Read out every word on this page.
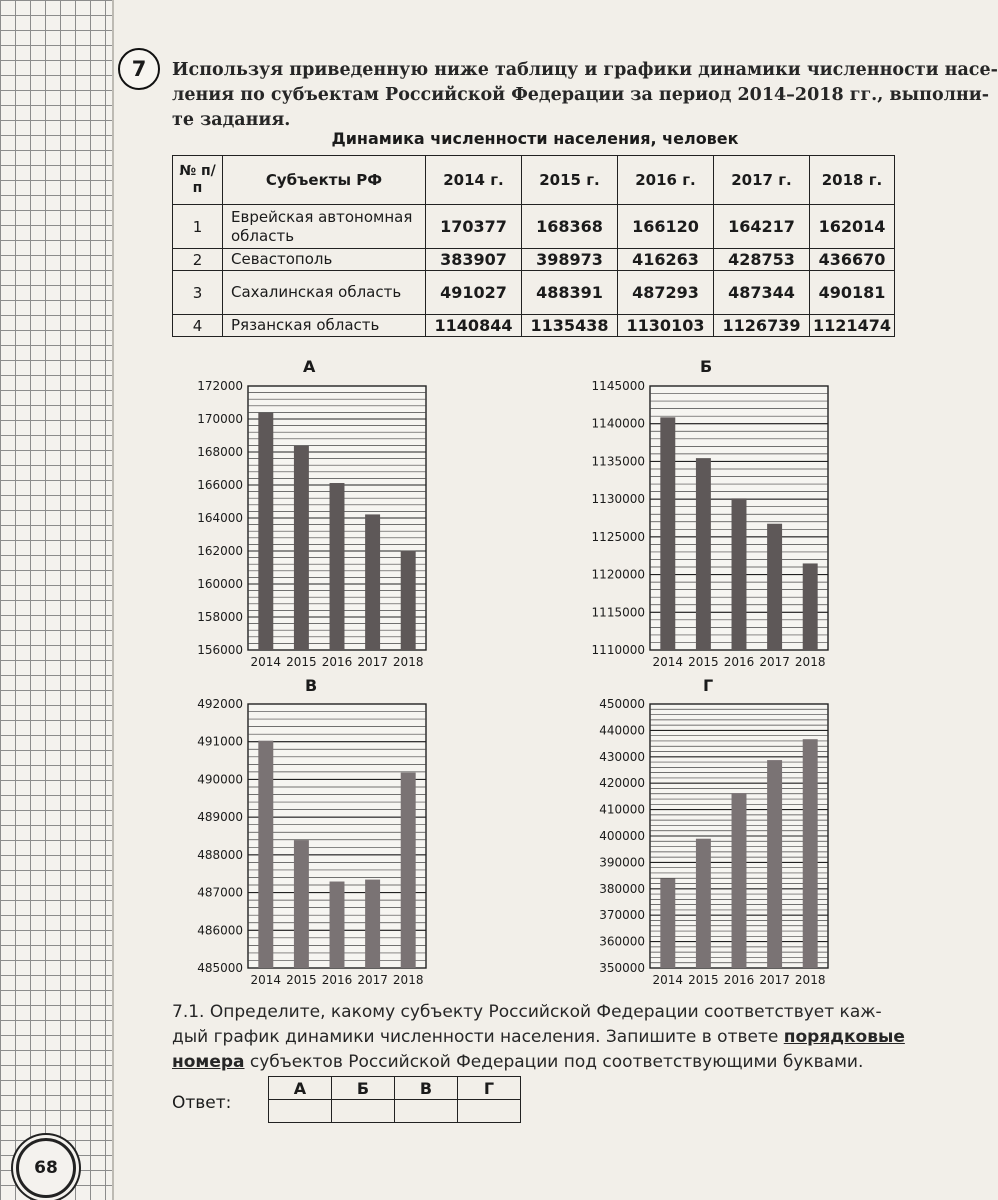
7	Используя приведенную ниже таблицу и графики динамики численности насе-
ления по субъектам Российской Федерации за период 2014–2018 гг., выполни-
те задания.
Динамика численности населения, человек
№ п/п	Субъекты РФ	2014 г.	2015 г.	2016 г.	2017 г.	2018 г.
1	Еврейская автономная область	170377	168368	166120	164217	162014
2	Севастополь	383907	398973	416263	428753	436670
3	Сахалинская область	491027	488391	487293	487344	490181
4	Рязанская область	1140844	1135438	1130103	1126739	1121474
А	Б
В	Г
156000
158000
160000
162000
164000
166000
168000
170000
172000
2014 2015 2016 2017 2018
1110000
1115000
1120000
1125000
1130000
1135000
1140000
1145000
2014 2015 2016 2017 2018
485000
486000
487000
488000
489000
490000
491000
492000
2014 2015 2016 2017 2018
350000
360000
370000
380000
390000
400000
410000
420000
430000
440000
450000
2014 2015 2016 2017 2018
7.1. Определите, какому субъекту Российской Федерации соответствует каж-
дый график динамики численности населения. Запишите в ответе порядковые
номера субъектов Российской Федерации под соответствующими буквами.
Ответ:
А	Б	В	Г

68
